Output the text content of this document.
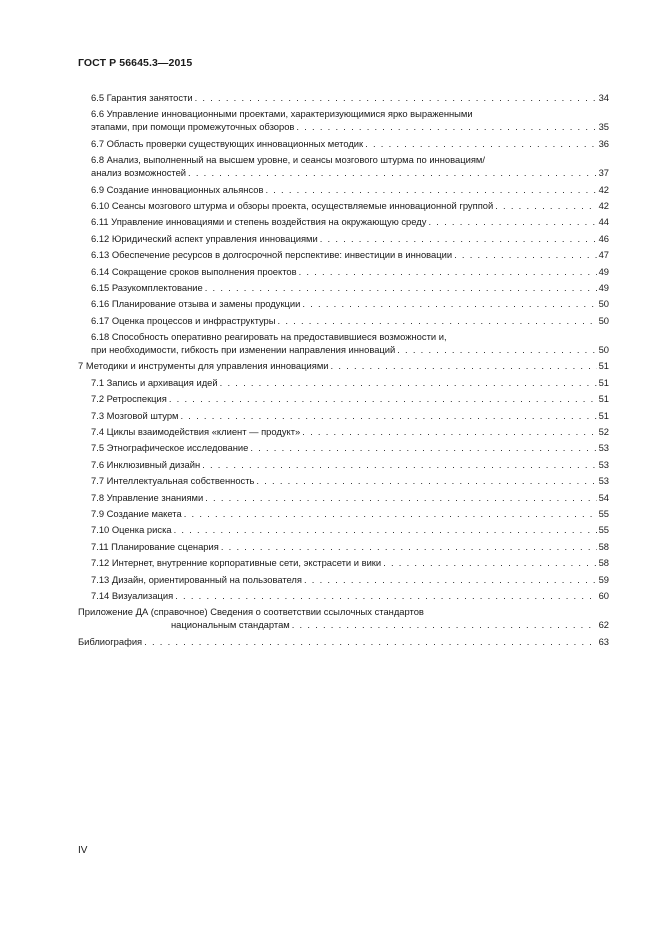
ГОСТ Р 56645.3—2015
6.5 Гарантия занятости . . .	34
6.6 Управление инновационными проектами, характеризующимися ярко выраженными
этапами, при помощи промежуточных обзоров . . .	35
6.7 Область проверки существующих инновационных методик . . .	36
6.8 Анализ, выполненный на высшем уровне, и сеансы мозгового штурма по инновациям/
анализ возможностей . . .	37
6.9 Создание инновационных альянсов . . .	42
6.10 Сеансы мозгового штурма и обзоры проекта, осуществляемые инновационной группой . . .	42
6.11 Управление инновациями и степень воздействия на окружающую среду . . .	44
6.12 Юридический аспект управления инновациями . . .	46
6.13 Обеспечение ресурсов в долгосрочной перспективе: инвестиции в инновации . . .	47
6.14 Сокращение сроков выполнения проектов . . .	49
6.15 Разукомплектование . . .	49
6.16 Планирование отзыва и замены продукции . . .	50
6.17 Оценка процессов и инфраструктуры . . .	50
6.18 Способность оперативно реагировать на предоставившиеся возможности и,
при необходимости, гибкость при изменении направления инноваций . . .	50
7 Методики и инструменты для управления инновациями . . .	51
7.1 Запись и архивация идей . . .	51
7.2 Ретроспекция . . .	51
7.3 Мозговой штурм . . .	51
7.4 Циклы взаимодействия «клиент — продукт» . . .	52
7.5 Этнографическое исследование . . .	53
7.6 Инклюзивный дизайн . . .	53
7.7 Интеллектуальная собственность . . .	53
7.8 Управление знаниями . . .	54
7.9 Создание макета . . .	55
7.10 Оценка риска . . .	55
7.11 Планирование сценария . . .	58
7.12 Интернет, внутренние корпоративные сети, экстрасети и вики . . .	58
7.13 Дизайн, ориентированный на пользователя . . .	59
7.14 Визуализация . . .	60
Приложение ДА (справочное) Сведения о соответствии ссылочных стандартов
национальным стандартам . . .	62
Библиография . . .	63
IV
